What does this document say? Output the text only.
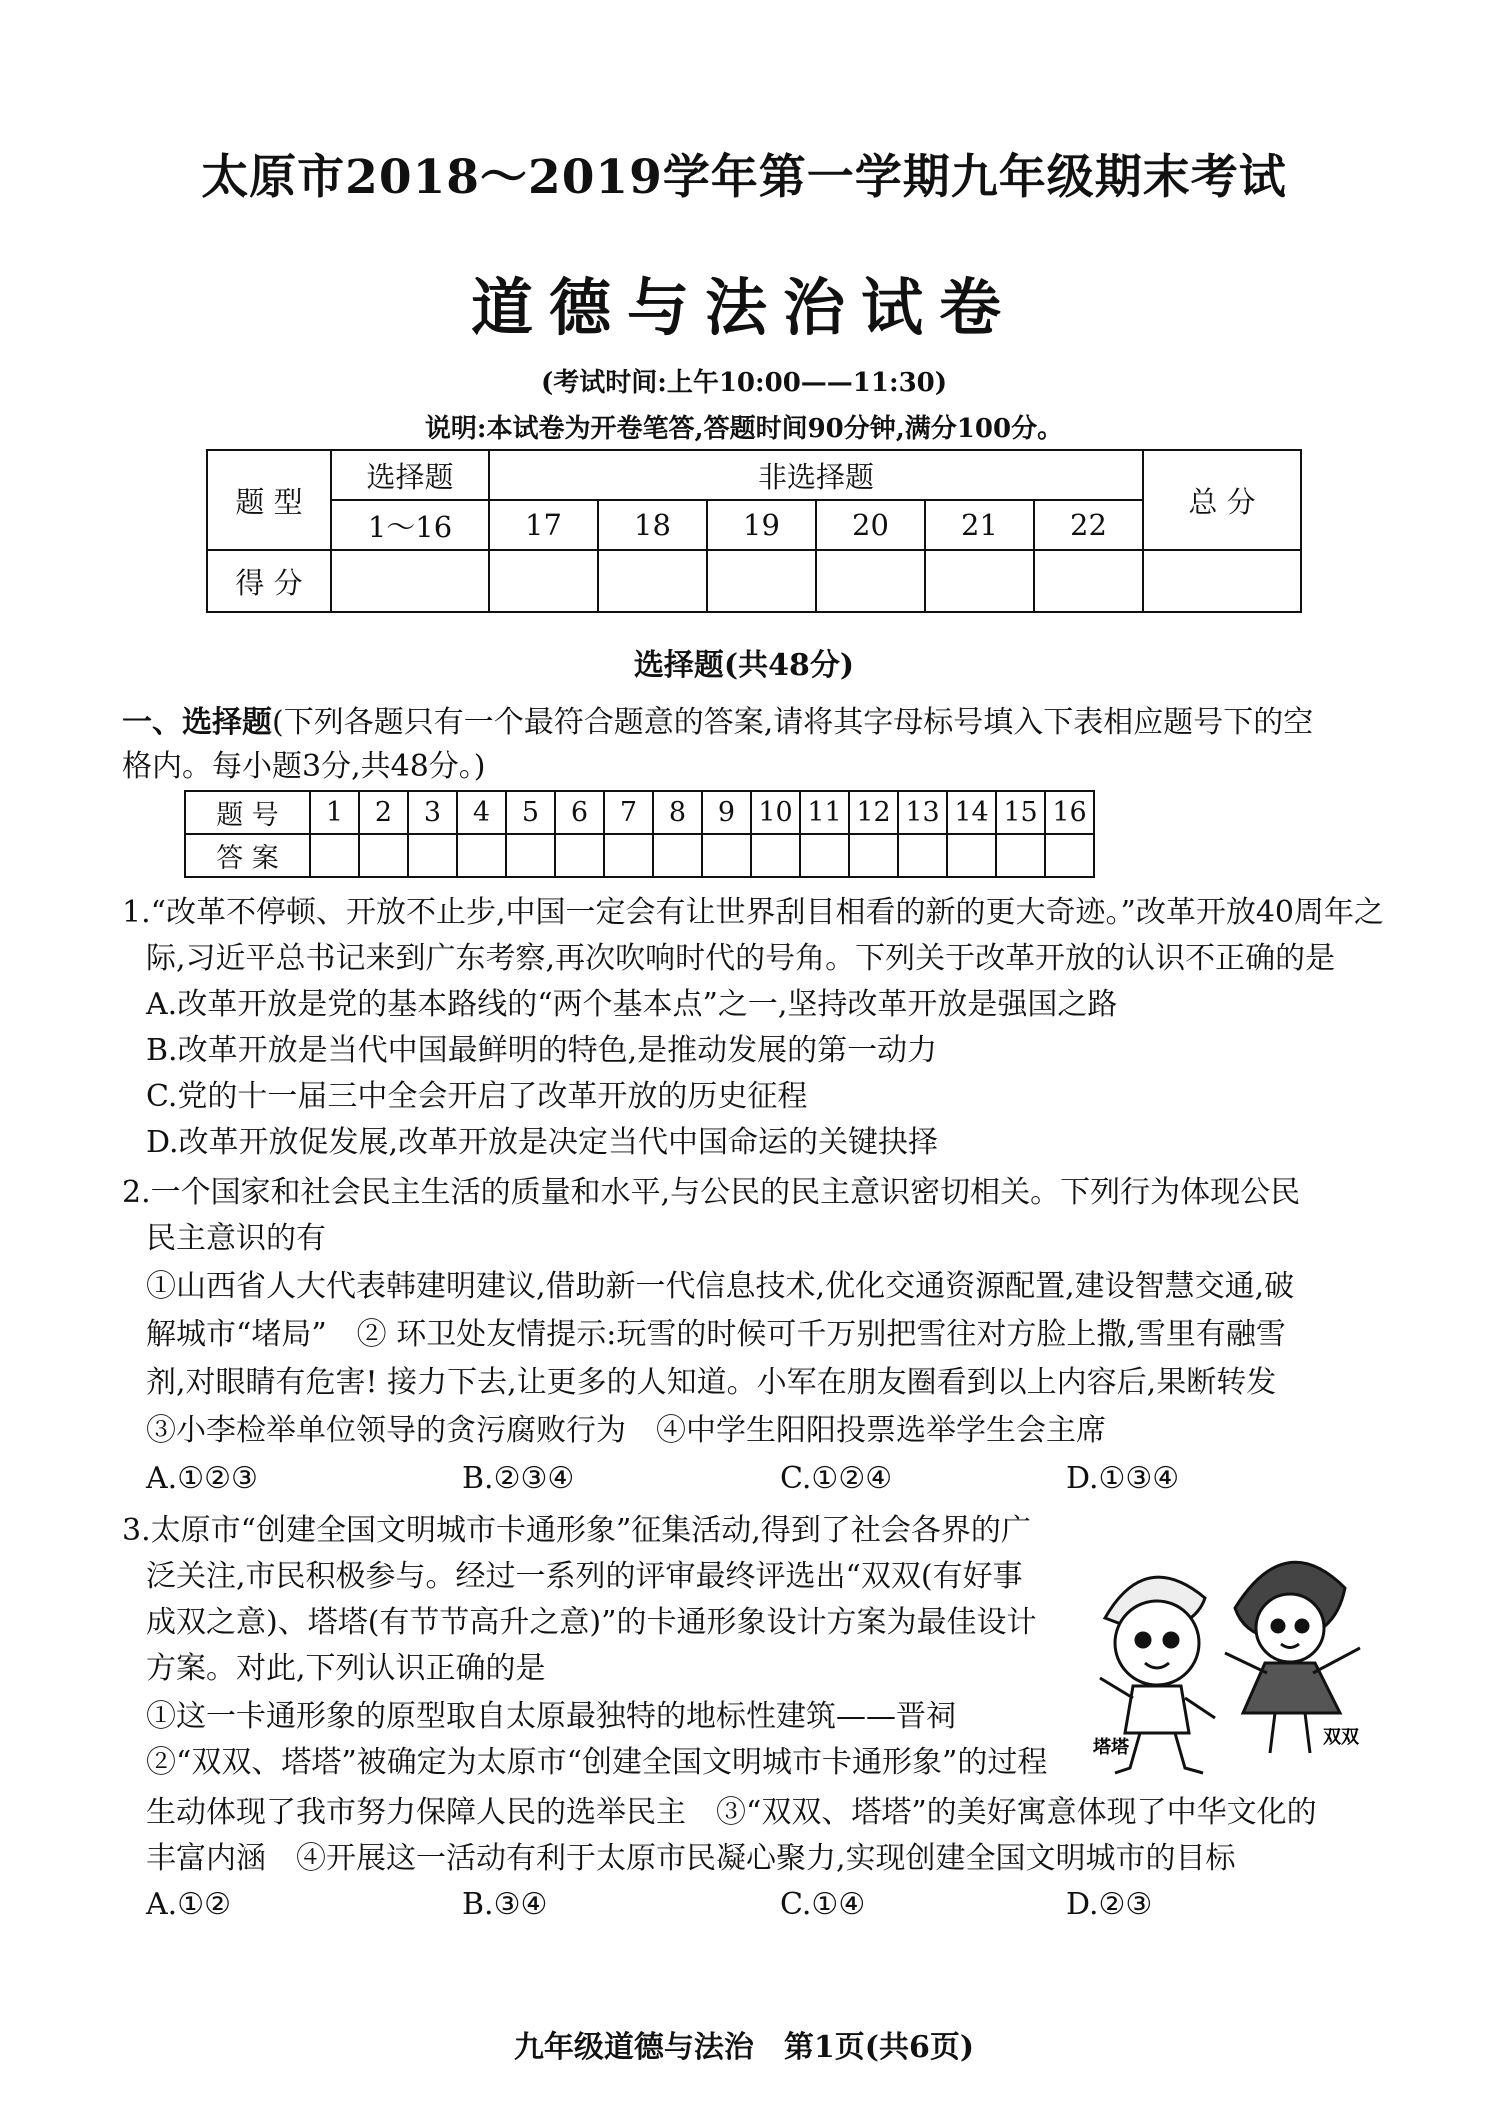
太原市2018～2019学年第一学期九年级期末考试
道德与法治试卷
(考试时间:上午10:00——11:30)
说明:本试卷为开卷笔答,答题时间90分钟,满分100分。
题 型	选择题	非选择题						总 分
	1～16	17	18	19	20	21	22	
得 分								
选择题(共48分)
一、选择题(下列各题只有一个最符合题意的答案,请将其字母标号填入下表相应题号下的空
格内。每小题3分,共48分。)
题 号	1	2	3	4	5	6	7	8	9	10	11	12	13	14	15	16
答 案																
1.“改革不停顿、开放不止步,中国一定会有让世界刮目相看的新的更大奇迹。”改革开放40周年之
际,习近平总书记来到广东考察,再次吹响时代的号角。下列关于改革开放的认识不正确的是
A.改革开放是党的基本路线的“两个基本点”之一,坚持改革开放是强国之路
B.改革开放是当代中国最鲜明的特色,是推动发展的第一动力
C.党的十一届三中全会开启了改革开放的历史征程
D.改革开放促发展,改革开放是决定当代中国命运的关键抉择
2.一个国家和社会民主生活的质量和水平,与公民的民主意识密切相关。下列行为体现公民
民主意识的有
①山西省人大代表韩建明建议,借助新一代信息技术,优化交通资源配置,建设智慧交通,破
解城市“堵局”　② 环卫处友情提示:玩雪的时候可千万别把雪往对方脸上撒,雪里有融雪
剂,对眼睛有危害! 接力下去,让更多的人知道。小军在朋友圈看到以上内容后,果断转发
③小李检举单位领导的贪污腐败行为　④中学生阳阳投票选举学生会主席
A.①②③	B.②③④	C.①②④	D.①③④
3.太原市“创建全国文明城市卡通形象”征集活动,得到了社会各界的广
泛关注,市民积极参与。经过一系列的评审最终评选出“双双(有好事
成双之意)、塔塔(有节节高升之意)”的卡通形象设计方案为最佳设计
方案。对此,下列认识正确的是
①这一卡通形象的原型取自太原最独特的地标性建筑——晋祠
②“双双、塔塔”被确定为太原市“创建全国文明城市卡通形象”的过程
生动体现了我市努力保障人民的选举民主　③“双双、塔塔”的美好寓意体现了中华文化的
丰富内涵　④开展这一活动有利于太原市民凝心聚力,实现创建全国文明城市的目标
A.①②	B.③④	C.①④	D.②③
塔塔	双双
九年级道德与法治　第1页(共6页)
